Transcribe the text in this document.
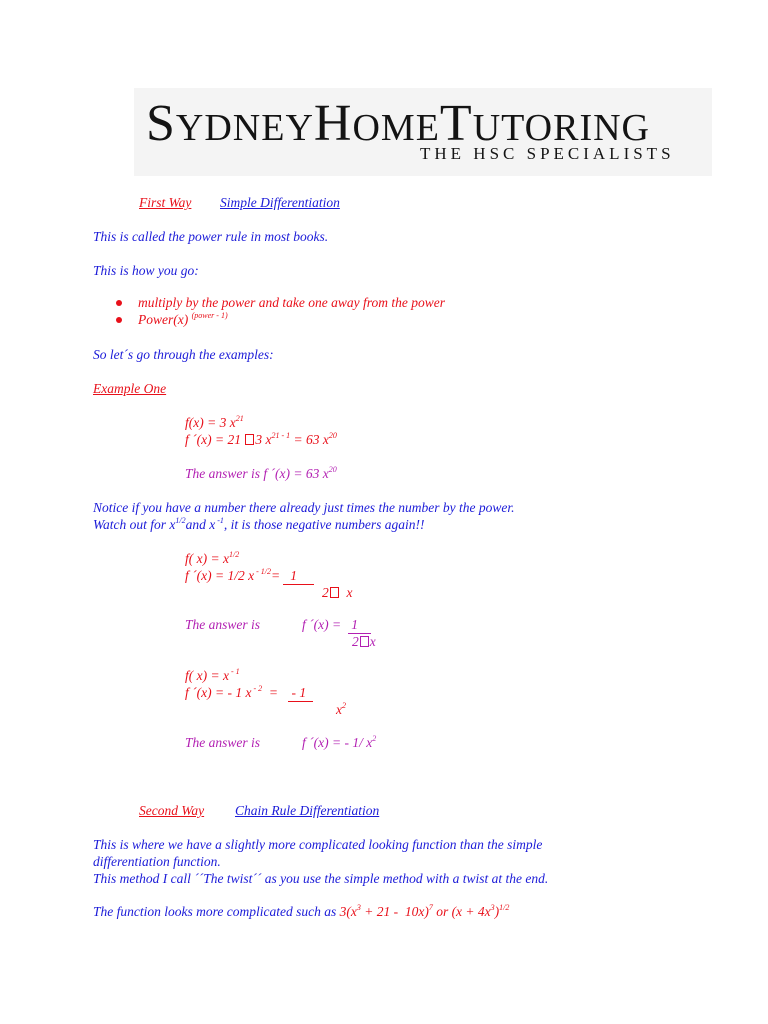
SYDNEYHOMETUTORING
THE HSC SPECIALISTS
First Way Simple Differentiation
This is called the power rule in most books.
This is how you go:
multiply by the power and take one away from the power
Power(x) $^{(power - 1)}$
So let´s go through the examples:
Example One
f(x) = 3 $x^{21}$
f ´(x) = 21 3 $x^{21 - 1} = 63$ $x^{20}$
The answer is f ´(x) = 63 $x^{20}$
Notice if you have a number there already just times the number by the power.
Watch out for $x^{1/2}and$ x $^{-1}$, it is those negative numbers again!!
f( $x) = x^{1/2}$
f ´(x) = 1/2 x $^{- 1/2}$=   1
2 x
The answer is	f ´(x) =   1
2 x
f( x) = x $^{- 1}$
f ´(x) = - 1 x $^{- 2}$  =    - 1
$x^2$
The answer is	f ´(x) = - 1/ $x^2$
Second Way Chain Rule Differentiation
This is where we have a slightly more complicated looking function than the simple
differentiation function.
This method I call ´´The twist´´ as you use the simple method with a twist at the end.
The function looks more complicated such as $3(x^3 + 21 - 10x)^7$ or $(x + 4x^3)^{1/2}$
